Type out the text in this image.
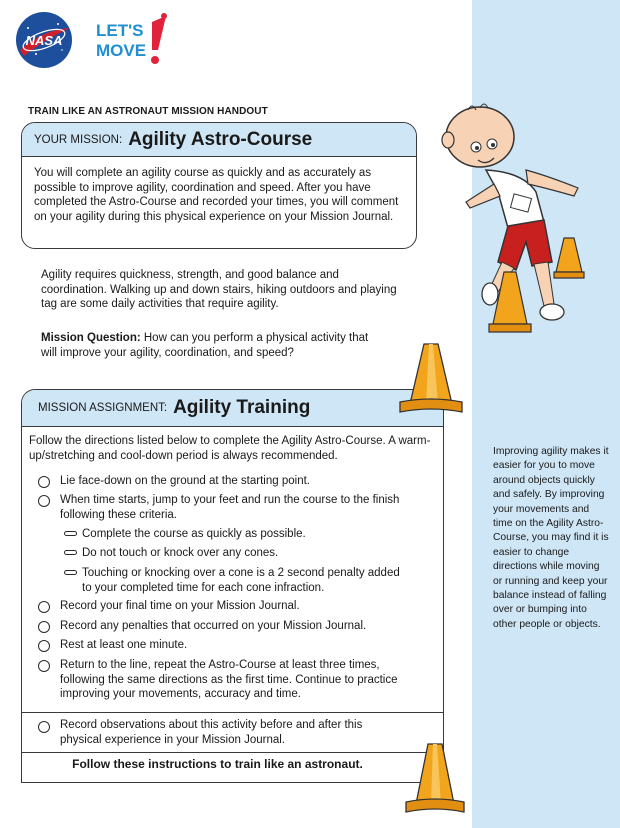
NASA
LET'S
MOVE
TRAIN LIKE AN ASTRONAUT MISSION HANDOUT
YOUR MISSION: Agility Astro-Course
You will complete an agility course as quickly and as accurately as possible to improve agility, coordination and speed. After you have completed the Astro-Course and recorded your times, you will comment on your agility during this physical experience on your Mission Journal.
Agility requires quickness, strength, and good balance and coordination. Walking up and down stairs, hiking outdoors and playing tag are some daily activities that require agility.
Mission Question: How can you perform a physical activity that will improve your agility, coordination, and speed?
MISSION ASSIGNMENT: Agility Training
Follow the directions listed below to complete the Agility Astro-Course. A warm-up/stretching and cool-down period is always recommended.
Lie face-down on the ground at the starting point.
When time starts, jump to your feet and run the course to the finish following these criteria.
Complete the course as quickly as possible.
Do not touch or knock over any cones.
Touching or knocking over a cone is a 2 second penalty added to your completed time for each cone infraction.
Record your final time on your Mission Journal.
Record any penalties that occurred on your Mission Journal.
Rest at least one minute.
Return to the line, repeat the Astro-Course at least three times, following the same directions as the first time. Continue to practice improving your movements, accuracy and time.
Record observations about this activity before and after this physical experience in your Mission Journal.
Follow these instructions to train like an astronaut.
Improving agility makes it easier for you to move around objects quickly and safely. By improving your movements and time on the Agility Astro-Course, you may find it is easier to change directions while moving or running and keep your balance instead of falling over or bumping into other people or objects.
